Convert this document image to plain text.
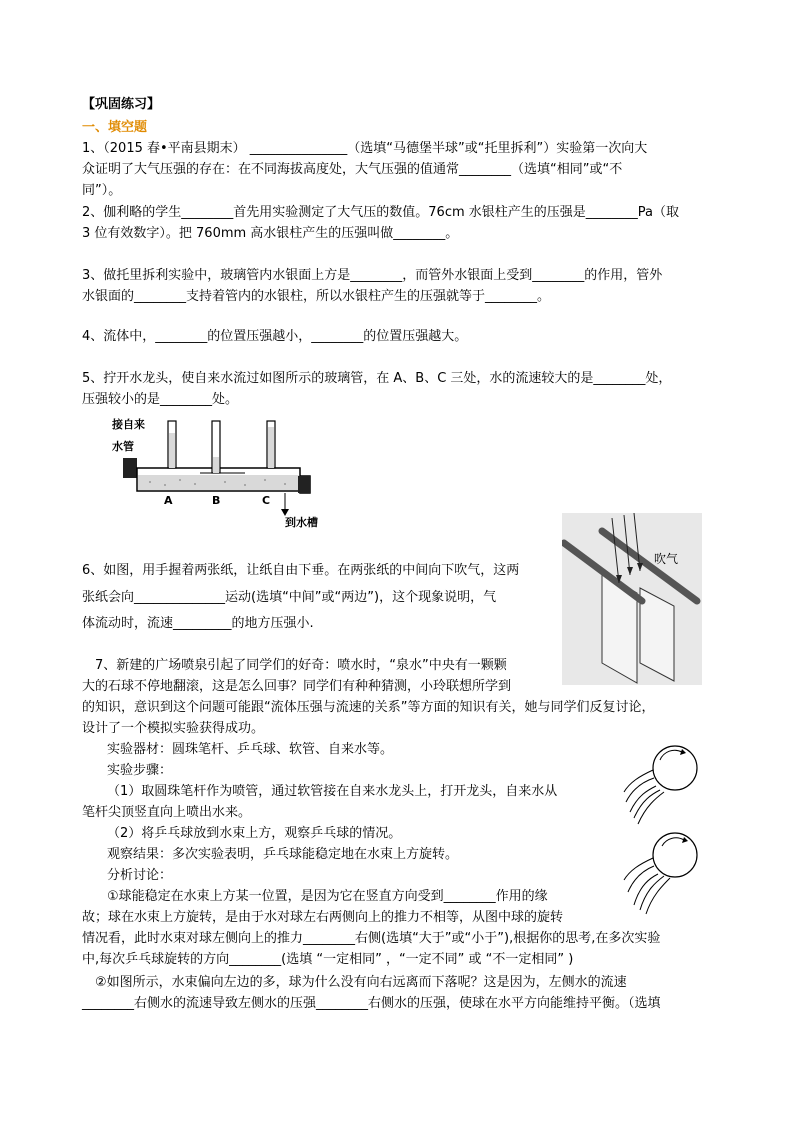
【巩固练习】
一、填空题
1、（2015 春•平南县期末） _______________（选填“马德堡半球”或“托里拆利”）实验第一次向大
众证明了大气压强的存在：在不同海拔高度处，大气压强的值通常________（选填“相同”或“不
同”）。
2、伽利略的学生________首先用实验测定了大气压的数值。76cm 水银柱产生的压强是________Pa（取
3 位有效数字）。把 760mm 高水银柱产生的压强叫做________。
3、做托里拆利实验中，玻璃管内水银面上方是________，而管外水银面上受到________的作用，管外
水银面的________支持着管内的水银柱，所以水银柱产生的压强就等于________。
4、流体中，________的位置压强越小，________的位置压强越大。
5、拧开水龙头，使自来水流过如图所示的玻璃管，在 A、B、C 三处，水的流速较大的是________处，
压强较小的是________处。
接自来
水管
A	B	C
到水槽
吹气
6、如图，用手握着两张纸，让纸自由下垂。在两张纸的中间向下吹气，这两
张纸会向______________运动(选填“中间”或“两边”)，这个现象说明，气
体流动时，流速_________的地方压强小.
7、新建的广场喷泉引起了同学们的好奇：喷水时，“泉水”中央有一颗颗
大的石球不停地翻滚，这是怎么回事？同学们有种种猜测，小玲联想所学到
的知识，意识到这个问题可能跟“流体压强与流速的关系”等方面的知识有关，她与同学们反复讨论，
设计了一个模拟实验获得成功。
实验器材：圆珠笔杆、乒乓球、软管、自来水等。
实验步骤：
（1）取圆珠笔杆作为喷管，通过软管接在自来水龙头上，打开龙头，自来水从
笔杆尖顶竖直向上喷出水来。
（2）将乒乓球放到水束上方，观察乒乓球的情况。
观察结果：多次实验表明，乒乓球能稳定地在水束上方旋转。
分析讨论：
①球能稳定在水束上方某一位置，是因为它在竖直方向受到________作用的缘
故；球在水束上方旋转，是由于水对球左右两侧向上的推力不相等，从图中球的旋转
情况看，此时水束对球左侧向上的推力________右侧(选填“大于”或“小于”),根据你的思考,在多次实验
中,每次乒乓球旋转的方向________(选填 “一定相同” ，“一定不同” 或 “不一定相同” )
②如图所示，水束偏向左边的多，球为什么没有向右远离而下落呢？这是因为，左侧水的流速
________右侧水的流速导致左侧水的压强________右侧水的压强，使球在水平方向能维持平衡。（选填
